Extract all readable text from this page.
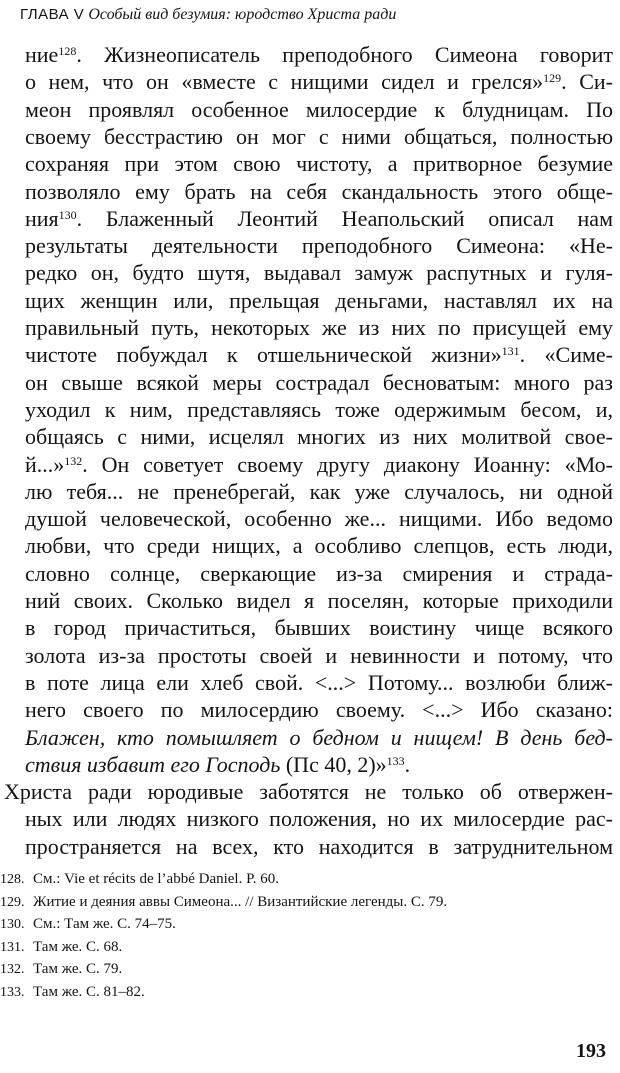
ГЛАВА V Особый вид безумия: юродство Христа ради
ние$^{128}$. Жизнеописатель преподобного Симеона говорит
о нем, что он «вместе с нищими сидел и грелся»$^{129}$. Си-
меон проявлял особенное милосердие к блудницам. По
своему бесстрастию он мог с ними общаться, полностью
сохраняя при этом свою чистоту, а притворное безумие
позволяло ему брать на себя скандальность этого обще-
ния$^{130}$. Блаженный Леонтий Неапольский описал нам
результаты деятельности преподобного Симеона: «Не-
редко он, будто шутя, выдавал замуж распутных и гуля-
щих женщин или, прельщая деньгами, наставлял их на
правильный путь, некоторых же из них по присущей ему
чистоте побуждал к отшельнической жизни»$^{131}$. «Симе-
он свыше всякой меры сострадал бесноватым: много раз
уходил к ним, представляясь тоже одержимым бесом, и,
общаясь с ними, исцелял многих из них молитвой свое-
й...»$^{132}$. Он советует своему другу диакону Иоанну: «Мо-
лю тебя... не пренебрегай, как уже случалось, ни одной
душой человеческой, особенно же... нищими. Ибо ведомо
любви, что среди нищих, а особливо слепцов, есть люди,
словно солнце, сверкающие из-за смирения и страда-
ний своих. Сколько видел я поселян, которые приходили
в город причаститься, бывших воистину чище всякого
золота из-за простоты своей и невинности и потому, что
в поте лица ели хлеб свой. <...> Потому... возлюби ближ-
него своего по милосердию своему. <...> Ибо сказано:
Блажен, кто помышляет о бедном и нищем! В день бед-
ствия избавит его Господь (Пс 40, 2)»$^{133}$.
Христа ради юродивые заботятся не только об отвержен-
ных или людях низкого положения, но их милосердие рас-
пространяется на всех, кто находится в затруднительном
128. См.: Vie et récits de l’abbé Daniel. P. 60.
129. Житие и деяния аввы Симеона... // Византийские легенды. С. 79.
130. См.: Там же. С. 74–75.
131. Там же. С. 68.
132. Там же. С. 79.
133. Там же. С. 81–82.
193
